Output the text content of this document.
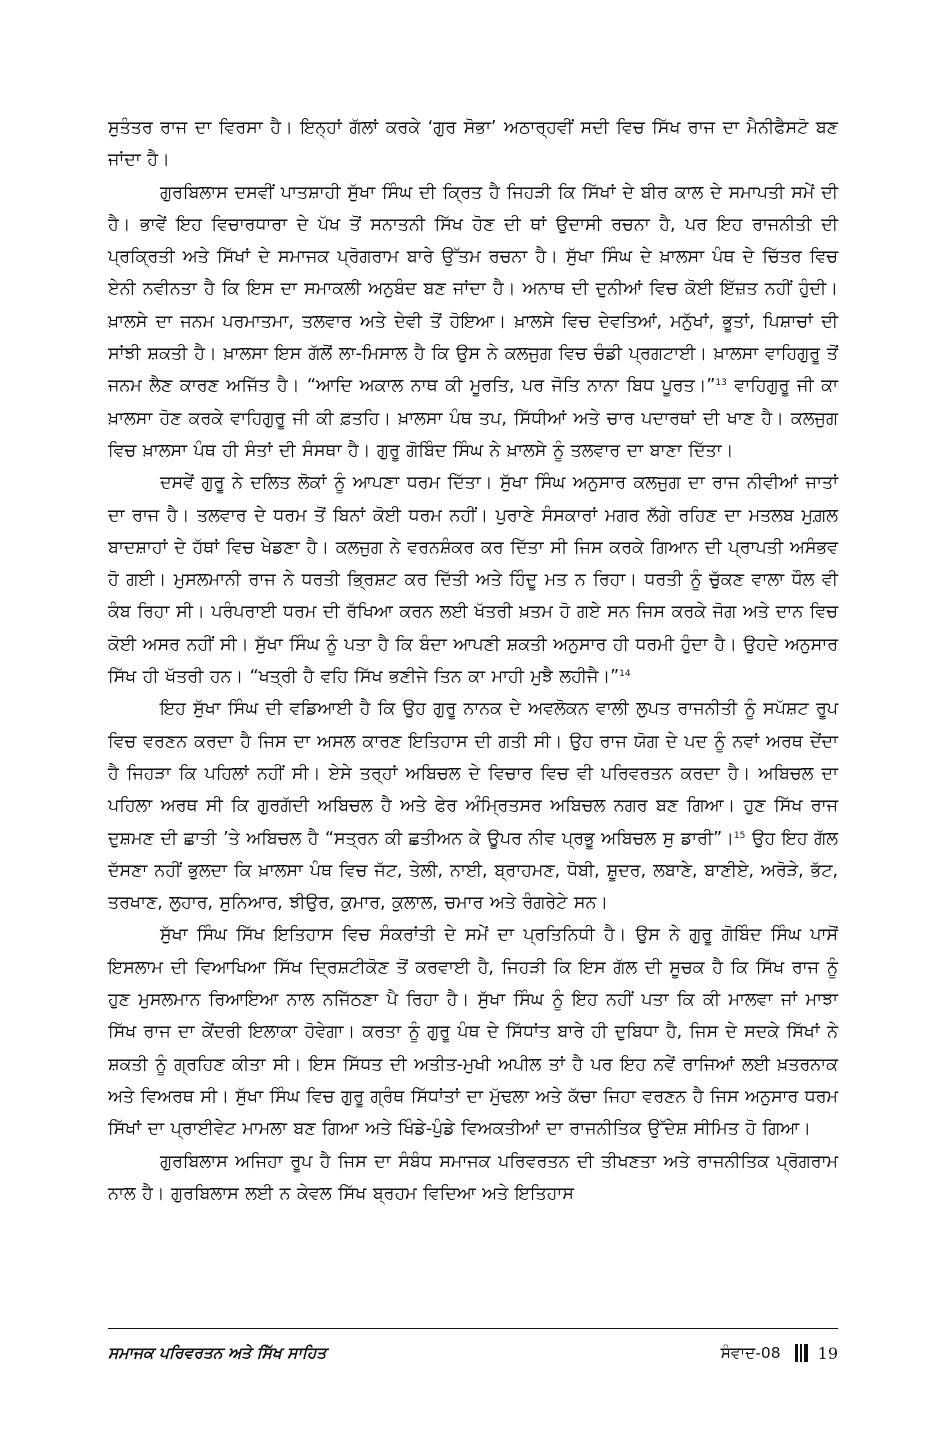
ਸੁਤੰਤਰ ਰਾਜ ਦਾ ਵਿਰਸਾ ਹੈ। ਇਨ੍ਹਾਂ ਗੱਲਾਂ ਕਰਕੇ ‘ਗੁਰ ਸੋਭਾ’ ਅਠਾਰ੍ਹਵੀਂ ਸਦੀ ਵਿਚ ਸਿੱਖ ਰਾਜ ਦਾ ਮੈਨੀਫੈਸਟੋ ਬਣ ਜਾਂਦਾ ਹੈ।

ਗੁਰਬਿਲਾਸ ਦਸਵੀਂ ਪਾਤਸ਼ਾਹੀ ਸੁੱਖਾ ਸਿੰਘ ਦੀ ਕ੍ਰਿਤ ਹੈ ਜਿਹੜੀ ਕਿ ਸਿੱਖਾਂ ਦੇ ਬੀਰ ਕਾਲ ਦੇ ਸਮਾਪਤੀ ਸਮੇਂ ਦੀ ਹੈ। ਭਾਵੇਂ ਇਹ ਵਿਚਾਰਧਾਰਾ ਦੇ ਪੱਖ ਤੋਂ ਸਨਾਤਨੀ ਸਿੱਖ ਹੋਣ ਦੀ ਥਾਂ ਉਦਾਸੀ ਰਚਨਾ ਹੈ, ਪਰ ਇਹ ਰਾਜਨੀਤੀ ਦੀ ਪ੍ਰਕ੍ਰਿਤੀ ਅਤੇ ਸਿੱਖਾਂ ਦੇ ਸਮਾਜਕ ਪ੍ਰੋਗਰਾਮ ਬਾਰੇ ਉੱਤਮ ਰਚਨਾ ਹੈ। ਸੁੱਖਾ ਸਿੰਘ ਦੇ ਖ਼ਾਲਸਾ ਪੰਥ ਦੇ ਚਿੱਤਰ ਵਿਚ ਏਨੀ ਨਵੀਨਤਾ ਹੈ ਕਿ ਇਸ ਦਾ ਸਮਾਕਲੀ ਅਨੁਬੰਦ ਬਣ ਜਾਂਦਾ ਹੈ। ਅਨਾਥ ਦੀ ਦੁਨੀਆਂ ਵਿਚ ਕੋਈ ਇੱਜ਼ਤ ਨਹੀਂ ਹੁੰਦੀ। ਖ਼ਾਲਸੇ ਦਾ ਜਨਮ ਪਰਮਾਤਮਾ, ਤਲਵਾਰ ਅਤੇ ਦੇਵੀ ਤੋਂ ਹੋਇਆ। ਖ਼ਾਲਸੇ ਵਿਚ ਦੇਵਤਿਆਂ, ਮਨੁੱਖਾਂ, ਭੂਤਾਂ, ਪਿਸ਼ਾਚਾਂ ਦੀ ਸਾਂਝੀ ਸ਼ਕਤੀ ਹੈ। ਖ਼ਾਲਸਾ ਇਸ ਗੱਲੋਂ ਲਾ-ਮਿਸਾਲ ਹੈ ਕਿ ਉਸ ਨੇ ਕਲਜੁਗ ਵਿਚ ਚੰਡੀ ਪ੍ਰਗਟਾਈ। ਖ਼ਾਲਸਾ ਵਾਹਿਗੁਰੂ ਤੋਂ ਜਨਮ ਲੈਣ ਕਾਰਣ ਅਜਿੱਤ ਹੈ। “ਆਦਿ ਅਕਾਲ ਨਾਥ ਕੀ ਮੂਰਤਿ, ਪਰ ਜੋਤਿ ਨਾਨਾ ਬਿਧ ਪੂਰਤ।”$^{13}$ ਵਾਹਿਗੁਰੂ ਜੀ ਕਾ ਖ਼ਾਲਸਾ ਹੋਣ ਕਰਕੇ ਵਾਹਿਗੁਰੂ ਜੀ ਕੀ ਫ਼ਤਹਿ। ਖ਼ਾਲਸਾ ਪੰਥ ਤਪ, ਸਿੱਧੀਆਂ ਅਤੇ ਚਾਰ ਪਦਾਰਥਾਂ ਦੀ ਖਾਣ ਹੈ। ਕਲਜੁਗ ਵਿਚ ਖ਼ਾਲਸਾ ਪੰਥ ਹੀ ਸੰਤਾਂ ਦੀ ਸੰਸਥਾ ਹੈ। ਗੁਰੂ ਗੋਬਿੰਦ ਸਿੰਘ ਨੇ ਖ਼ਾਲਸੇ ਨੂੰ ਤਲਵਾਰ ਦਾ ਬਾਣਾ ਦਿੱਤਾ।

ਦਸਵੇਂ ਗੁਰੂ ਨੇ ਦਲਿਤ ਲੋਕਾਂ ਨੂੰ ਆਪਣਾ ਧਰਮ ਦਿੱਤਾ। ਸੁੱਖਾ ਸਿੰਘ ਅਨੁਸਾਰ ਕਲਜੁਗ ਦਾ ਰਾਜ ਨੀਵੀਆਂ ਜਾਤਾਂ ਦਾ ਰਾਜ ਹੈ। ਤਲਵਾਰ ਦੇ ਧਰਮ ਤੋਂ ਬਿਨਾਂ ਕੋਈ ਧਰਮ ਨਹੀਂ। ਪੁਰਾਣੇ ਸੰਸਕਾਰਾਂ ਮਗਰ ਲੱਗੇ ਰਹਿਣ ਦਾ ਮਤਲਬ ਮੁਗ਼ਲ ਬਾਦਸ਼ਾਹਾਂ ਦੇ ਹੱਥਾਂ ਵਿਚ ਖੇਡਣਾ ਹੈ। ਕਲਜੁਗ ਨੇ ਵਰਨਸ਼ੰਕਰ ਕਰ ਦਿੱਤਾ ਸੀ ਜਿਸ ਕਰਕੇ ਗਿਆਨ ਦੀ ਪ੍ਰਾਪਤੀ ਅਸੰਭਵ ਹੋ ਗਈ। ਮੁਸਲਮਾਨੀ ਰਾਜ ਨੇ ਧਰਤੀ ਭ੍ਰਿਸ਼ਟ ਕਰ ਦਿੱਤੀ ਅਤੇ ਹਿੰਦੂ ਮਤ ਨ ਰਿਹਾ। ਧਰਤੀ ਨੂੰ ਚੁੱਕਣ ਵਾਲਾ ਧੌਲ ਵੀ ਕੰਬ ਰਿਹਾ ਸੀ। ਪਰੰਪਰਾਈ ਧਰਮ ਦੀ ਰੱਖਿਆ ਕਰਨ ਲਈ ਖੱਤਰੀ ਖ਼ਤਮ ਹੋ ਗਏ ਸਨ ਜਿਸ ਕਰਕੇ ਜੋਗ ਅਤੇ ਦਾਨ ਵਿਚ ਕੋਈ ਅਸਰ ਨਹੀਂ ਸੀ। ਸੁੱਖਾ ਸਿੰਘ ਨੂੰ ਪਤਾ ਹੈ ਕਿ ਬੰਦਾ ਆਪਣੀ ਸ਼ਕਤੀ ਅਨੁਸਾਰ ਹੀ ਧਰਮੀ ਹੁੰਦਾ ਹੈ। ਉਹਦੇ ਅਨੁਸਾਰ ਸਿੱਖ ਹੀ ਖੱਤਰੀ ਹਨ। “ਖਤ੍ਰੀ ਹੈ ਵਹਿ ਸਿੱਖ ਭਣੀਜੇ ਤਿਨ ਕਾ ਮਾਹੀ ਮੁਝੈ ਲਹੀਜੈ।”$^{14}$

ਇਹ ਸੁੱਖਾ ਸਿੰਘ ਦੀ ਵਡਿਆਈ ਹੈ ਕਿ ਉਹ ਗੁਰੂ ਨਾਨਕ ਦੇ ਅਵਲੋਕਨ ਵਾਲੀ ਲੁਪਤ ਰਾਜਨੀਤੀ ਨੂੰ ਸਪੱਸ਼ਟ ਰੂਪ ਵਿਚ ਵਰਣਨ ਕਰਦਾ ਹੈ ਜਿਸ ਦਾ ਅਸਲ ਕਾਰਣ ਇਤਿਹਾਸ ਦੀ ਗਤੀ ਸੀ। ਉਹ ਰਾਜ ਯੋਗ ਦੇ ਪਦ ਨੂੰ ਨਵਾਂ ਅਰਥ ਦੇਂਦਾ ਹੈ ਜਿਹੜਾ ਕਿ ਪਹਿਲਾਂ ਨਹੀਂ ਸੀ। ਏਸੇ ਤਰ੍ਹਾਂ ਅਬਿਚਲ ਦੇ ਵਿਚਾਰ ਵਿਚ ਵੀ ਪਰਿਵਰਤਨ ਕਰਦਾ ਹੈ। ਅਬਿਚਲ ਦਾ ਪਹਿਲਾ ਅਰਥ ਸੀ ਕਿ ਗੁਰਗੱਦੀ ਅਬਿਚਲ ਹੈ ਅਤੇ ਫੇਰ ਅੰਮ੍ਰਿਤਸਰ ਅਬਿਚਲ ਨਗਰ ਬਣ ਗਿਆ। ਹੁਣ ਸਿੱਖ ਰਾਜ ਦੁਸ਼ਮਣ ਦੀ ਛਾਤੀ ’ਤੇ ਅਬਿਚਲ ਹੈ “ਸਤ੍ਰਨ ਕੀ ਛਤੀਅਨ ਕੇ ਊਪਰ ਨੀਵ ਪ੍ਰਭੂ ਅਬਿਚਲ ਸੁ ਡਾਰੀ”।$^{15}$ ਉਹ ਇਹ ਗੱਲ ਦੱਸਣਾ ਨਹੀਂ ਭੁਲਦਾ ਕਿ ਖ਼ਾਲਸਾ ਪੰਥ ਵਿਚ ਜੱਟ, ਤੇਲੀ, ਨਾਈ, ਬ੍ਰਾਹਮਣ, ਧੋਬੀ, ਸ਼ੂਦਰ, ਲਬਾਣੇ, ਬਾਣੀਏ, ਅਰੋੜੇ, ਭੱਟ, ਤਰਖਾਣ, ਲੁਹਾਰ, ਸੁਨਿਆਰ, ਝੀਉਰ, ਕੁਮਾਰ, ਕੁਲਾਲ, ਚਮਾਰ ਅਤੇ ਰੰਗਰੇਟੇ ਸਨ।

ਸੁੱਖਾ ਸਿੰਘ ਸਿੱਖ ਇਤਿਹਾਸ ਵਿਚ ਸੰਕਰਾਂਤੀ ਦੇ ਸਮੇਂ ਦਾ ਪ੍ਰਤਿਨਿਧੀ ਹੈ। ਉਸ ਨੇ ਗੁਰੂ ਗੋਬਿੰਦ ਸਿੰਘ ਪਾਸੋਂ ਇਸਲਾਮ ਦੀ ਵਿਆਖਿਆ ਸਿੱਖ ਦ੍ਰਿਸ਼ਟੀਕੋਣ ਤੋਂ ਕਰਵਾਈ ਹੈ, ਜਿਹੜੀ ਕਿ ਇਸ ਗੱਲ ਦੀ ਸੂਚਕ ਹੈ ਕਿ ਸਿੱਖ ਰਾਜ ਨੂੰ ਹੁਣ ਮੁਸਲਮਾਨ ਰਿਆਇਆ ਨਾਲ ਨਜਿੱਠਣਾ ਪੈ ਰਿਹਾ ਹੈ। ਸੁੱਖਾ ਸਿੰਘ ਨੂੰ ਇਹ ਨਹੀਂ ਪਤਾ ਕਿ ਕੀ ਮਾਲਵਾ ਜਾਂ ਮਾਝਾ ਸਿੱਖ ਰਾਜ ਦਾ ਕੇਂਦਰੀ ਇਲਾਕਾ ਹੋਵੇਗਾ। ਕਰਤਾ ਨੂੰ ਗੁਰੂ ਪੰਥ ਦੇ ਸਿੱਧਾਂਤ ਬਾਰੇ ਹੀ ਦੁਬਿਧਾ ਹੈ, ਜਿਸ ਦੇ ਸਦਕੇ ਸਿੱਖਾਂ ਨੇ ਸ਼ਕਤੀ ਨੂੰ ਗ੍ਰਹਿਣ ਕੀਤਾ ਸੀ। ਇਸ ਸਿੱਧਤ ਦੀ ਅਤੀਤ-ਮੁਖੀ ਅਪੀਲ ਤਾਂ ਹੈ ਪਰ ਇਹ ਨਵੇਂ ਰਾਜਿਆਂ ਲਈ ਖ਼ਤਰਨਾਕ ਅਤੇ ਵਿਅਰਥ ਸੀ। ਸੁੱਖਾ ਸਿੰਘ ਵਿਚ ਗੁਰੂ ਗ੍ਰੰਥ ਸਿੱਧਾਂਤਾਂ ਦਾ ਮੁੱਢਲਾ ਅਤੇ ਕੱਚਾ ਜਿਹਾ ਵਰਣਨ ਹੈ ਜਿਸ ਅਨੁਸਾਰ ਧਰਮ ਸਿੱਖਾਂ ਦਾ ਪ੍ਰਾਈਵੇਟ ਮਾਮਲਾ ਬਣ ਗਿਆ ਅਤੇ ਖਿੰਡੇ-ਪੁੰਡੇ ਵਿਅਕਤੀਆਂ ਦਾ ਰਾਜਨੀਤਿਕ ਉੱਦੇਸ਼ ਸੀਮਿਤ ਹੋ ਗਿਆ।

ਗੁਰਬਿਲਾਸ ਅਜਿਹਾ ਰੂਪ ਹੈ ਜਿਸ ਦਾ ਸੰਬੰਧ ਸਮਾਜਕ ਪਰਿਵਰਤਨ ਦੀ ਤੀਖਣਤਾ ਅਤੇ ਰਾਜਨੀਤਿਕ ਪ੍ਰੋਗਰਾਮ ਨਾਲ ਹੈ। ਗੁਰਬਿਲਾਸ ਲਈ ਨ ਕੇਵਲ ਸਿੱਖ ਬ੍ਰਹਮ ਵਿਦਿਆ ਅਤੇ ਇਤਿਹਾਸ

ਸਮਾਜਕ ਪਰਿਵਰਤਨ ਅਤੇ ਸਿੱਖ ਸਾਹਿਤ	ਸੰਵਾਦ-08 19
